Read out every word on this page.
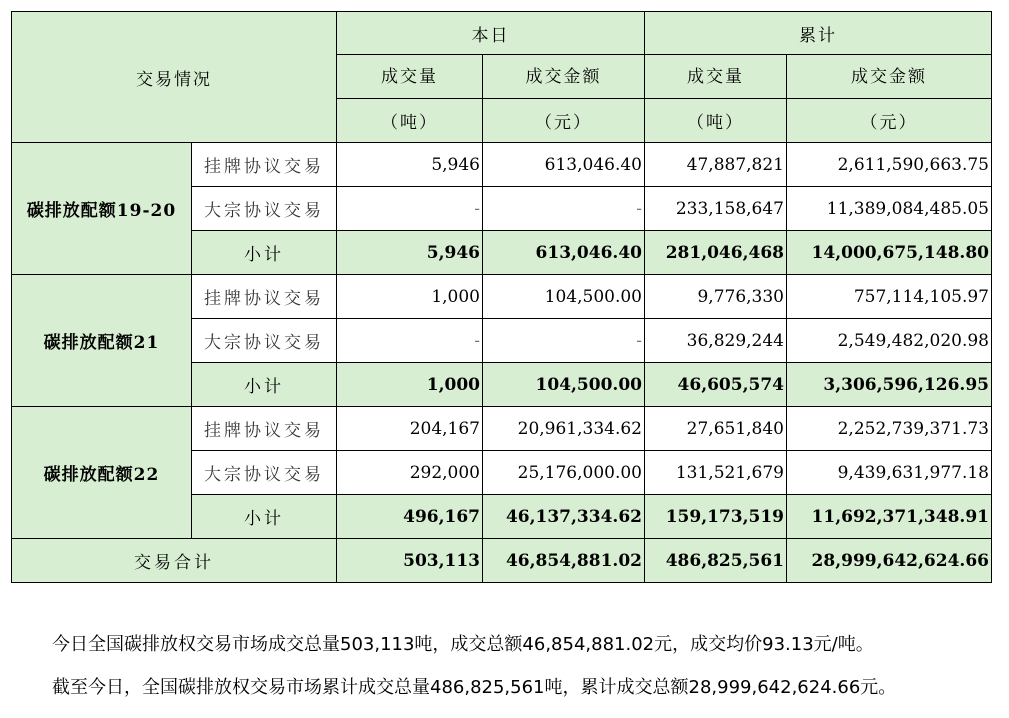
交易情况		本日		累计	
		成交量	成交金额	成交量	成交金额
		（吨）	（元）	（吨）	（元）
碳排放配额19-20	挂牌协议交易	5,946	613,046.40	47,887,821	2,611,590,663.75
	大宗协议交易	-	-	233,158,647	11,389,084,485.05
	小计	5,946	613,046.40	281,046,468	14,000,675,148.80
碳排放配额21	挂牌协议交易	1,000	104,500.00	9,776,330	757,114,105.97
	大宗协议交易	-	-	36,829,244	2,549,482,020.98
	小计	1,000	104,500.00	46,605,574	3,306,596,126.95
碳排放配额22	挂牌协议交易	204,167	20,961,334.62	27,651,840	2,252,739,371.73
	大宗协议交易	292,000	25,176,000.00	131,521,679	9,439,631,977.18
	小计	496,167	46,137,334.62	159,173,519	11,692,371,348.91
交易合计		503,113	46,854,881.02	486,825,561	28,999,642,624.66
今日全国碳排放权交易市场成交总量503,113吨，成交总额46,854,881.02元，成交均价93.13元/吨。
截至今日，全国碳排放权交易市场累计成交总量486,825,561吨，累计成交总额28,999,642,624.66元。
